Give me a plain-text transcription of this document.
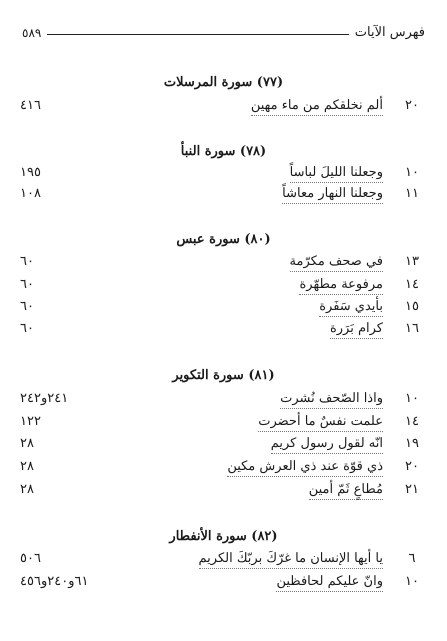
فهرس الآيات
٥٨٩
(٧٧) سورة المرسلات
٢٠
ألم نخلقكم من ماء مهين
٤١٦
(٧٨) سورة النبأ
١٠
وجعلنا الليلَ لباساً
١٩٥
١١
وجعلنا النهار معاشاً
١٠٨
(٨٠) سورة عبس
١٣
في صحف مكرّمة
٦٠
١٤
مرفوعة مطهّرة
٦٠
١٥
بأيدي سَفَرة
٦٠
١٦
كرام بَرَرة
٦٠
(٨١) سورة التكوير
١٠
واذا الصّحف نُشرت
٢٤١و٢٤٢
١٤
علمت نفسٌ ما أحضرت
١٢٢
١٩
انّه لقول رسول كريم
٢٨
٢٠
ذي قوّة عند ذي العرش مكين
٢٨
٢١
مُطاعٍ ثَمّ أمين
٢٨
(٨٢) سورة الأنفطار
٦
يا أيها الإنسان ما غرّكَ بربّكَ الكريم
٥٠٦
١٠
وانّ عليكم لحافظين
٦١و٢٤٠و٤٥٦
